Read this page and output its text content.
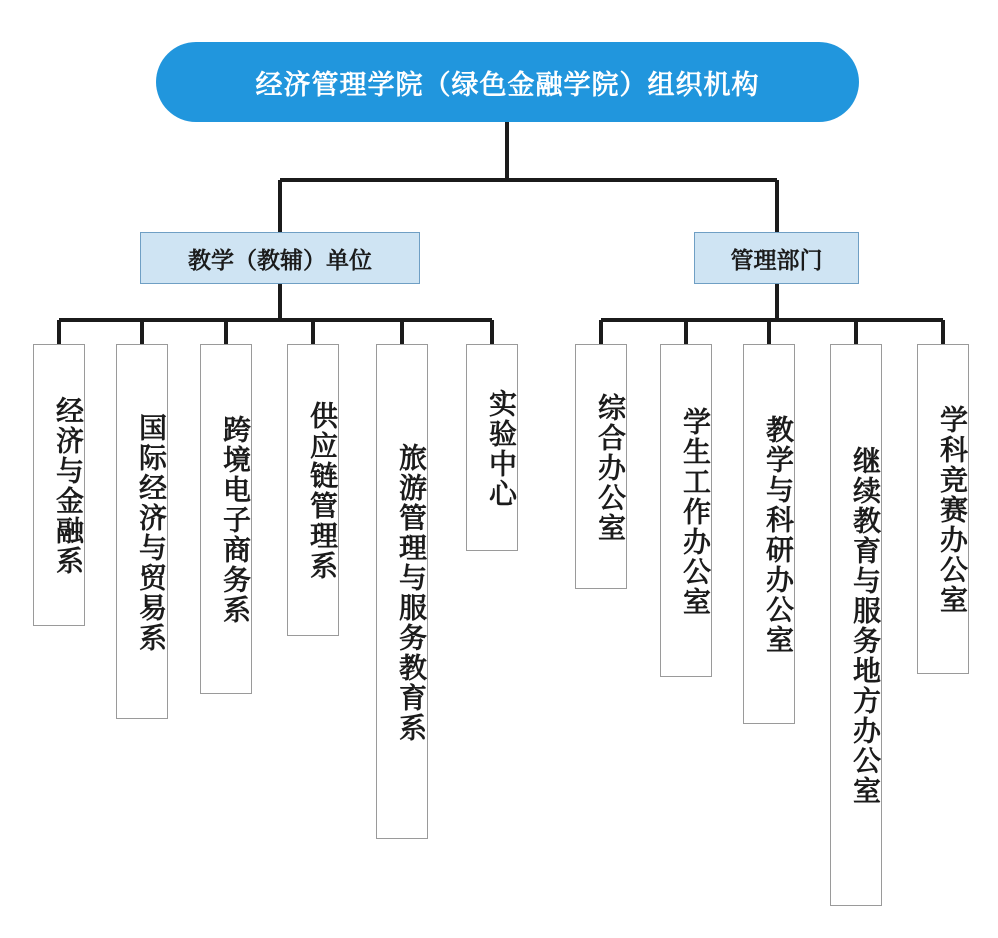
经济管理学院（绿色金融学院）组织机构
教学（教辅）单位	管理部门
经济与金融系	国际经济与贸易系	跨境电子商务系	供应链管理系	旅游管理与服务教育系	实验中心	综合办公室	学生工作办公室	教学与科研办公室	继续教育与服务地方办公室	学科竞赛办公室
